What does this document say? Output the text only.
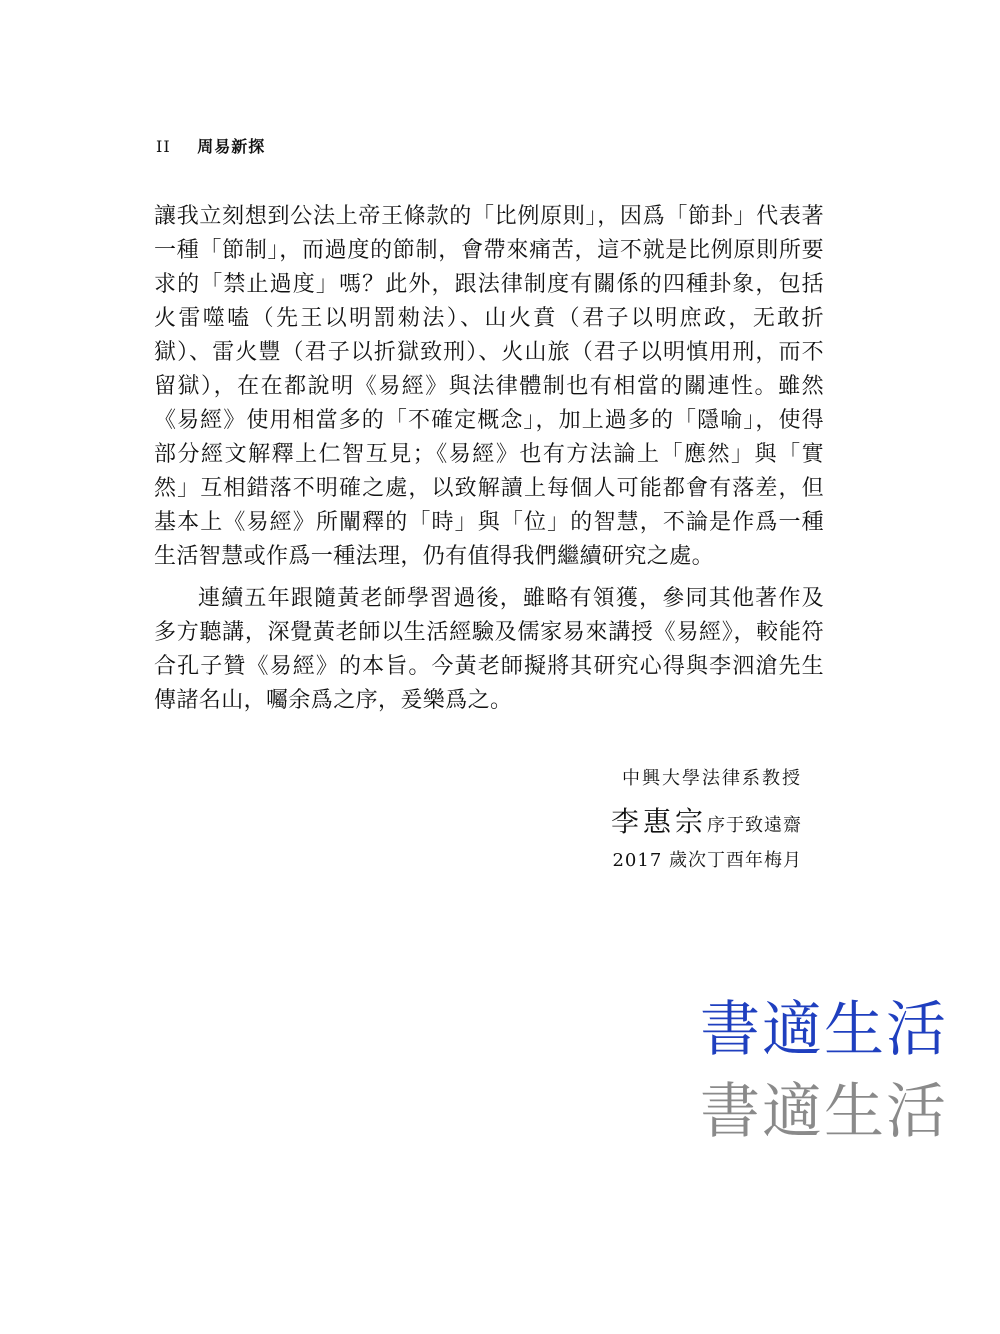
II 周易新探

讓我立刻想到公法上帝王條款的「比例原則」，因爲「節卦」代表著一種「節制」，而過度的節制，會帶來痛苦，這不就是比例原則所要求的「禁止過度」嗎？此外，跟法律制度有關係的四種卦象，包括火雷噬嗑（先王以明罰勑法）、山火賁（君子以明庶政，无敢折獄）、雷火豐（君子以折獄致刑）、火山旅（君子以明慎用刑，而不留獄），在在都說明《易經》與法律體制也有相當的關連性。雖然《易經》使用相當多的「不確定概念」，加上過多的「隱喻」，使得部分經文解釋上仁智互見；《易經》也有方法論上「應然」與「實然」互相錯落不明確之處，以致解讀上每個人可能都會有落差，但基本上《易經》所闡釋的「時」與「位」的智慧，不論是作爲一種生活智慧或作爲一種法理，仍有值得我們繼續研究之處。

連續五年跟隨黃老師學習過後，雖略有領獲，參同其他著作及多方聽講，深覺黃老師以生活經驗及儒家易來講授《易經》，較能符合孔子贊《易經》的本旨。今黃老師擬將其研究心得與李泗滄先生傳諸名山，囑余爲之序，爰樂爲之。

中興大學法律系教授
李惠宗序于致遠齋
2017 歲次丁酉年梅月
書適生活
書適生活
